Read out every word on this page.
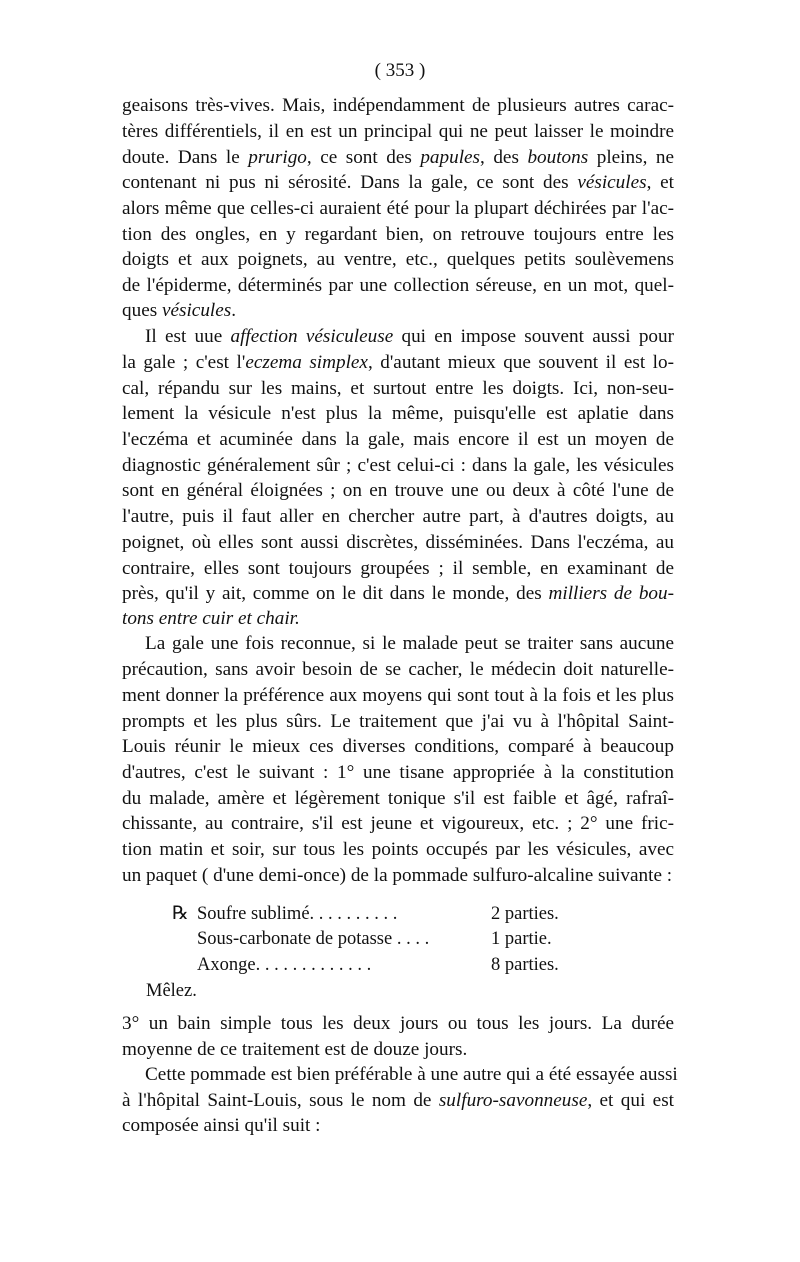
( 353 )
geaisons très-vives. Mais, indépendamment de plusieurs autres carac-
tères différentiels, il en est un principal qui ne peut laisser le moindre
doute. Dans le prurigo, ce sont des papules, des boutons pleins, ne
contenant ni pus ni sérosité. Dans la gale, ce sont des vésicules, et
alors même que celles-ci auraient été pour la plupart déchirées par l'ac-
tion des ongles, en y regardant bien, on retrouve toujours entre les
doigts et aux poignets, au ventre, etc., quelques petits soulèvemens
de l'épiderme, déterminés par une collection séreuse, en un mot, quel-
ques vésicules.
Il est uue affection vésiculeuse qui en impose souvent aussi pour
la gale ; c'est l'eczema simplex, d'autant mieux que souvent il est lo-
cal, répandu sur les mains, et surtout entre les doigts. Ici, non-seu-
lement la vésicule n'est plus la même, puisqu'elle est aplatie dans
l'eczéma et acuminée dans la gale, mais encore il est un moyen de
diagnostic généralement sûr ; c'est celui-ci : dans la gale, les vésicules
sont en général éloignées ; on en trouve une ou deux à côté l'une de
l'autre, puis il faut aller en chercher autre part, à d'autres doigts, au
poignet, où elles sont aussi discrètes, disséminées. Dans l'eczéma, au
contraire, elles sont toujours groupées ; il semble, en examinant de
près, qu'il y ait, comme on le dit dans le monde, des milliers de bou-
tons entre cuir et chair.
La gale une fois reconnue, si le malade peut se traiter sans aucune
précaution, sans avoir besoin de se cacher, le médecin doit naturelle-
ment donner la préférence aux moyens qui sont tout à la fois et les plus
prompts et les plus sûrs. Le traitement que j'ai vu à l'hôpital Saint-
Louis réunir le mieux ces diverses conditions, comparé à beaucoup
d'autres, c'est le suivant : 1° une tisane appropriée à la constitution
du malade, amère et légèrement tonique s'il est faible et âgé, rafraî-
chissante, au contraire, s'il est jeune et vigoureux, etc. ; 2° une fric-
tion matin et soir, sur tous les points occupés par les vésicules, avec
un paquet ( d'une demi-once) de la pommade sulfuro-alcaline suivante :
℞ Soufre sublimé. . . . . . . . . .	2 parties.
Sous-carbonate de potasse . . . .	1 partie.
Axonge. . . . . . . . . . . . .	8 parties.
Mêlez.
3° un bain simple tous les deux jours ou tous les jours. La durée
moyenne de ce traitement est de douze jours.
Cette pommade est bien préférable à une autre qui a été essayée aussi
à l'hôpital Saint-Louis, sous le nom de sulfuro-savonneuse, et qui est
composée ainsi qu'il suit :
